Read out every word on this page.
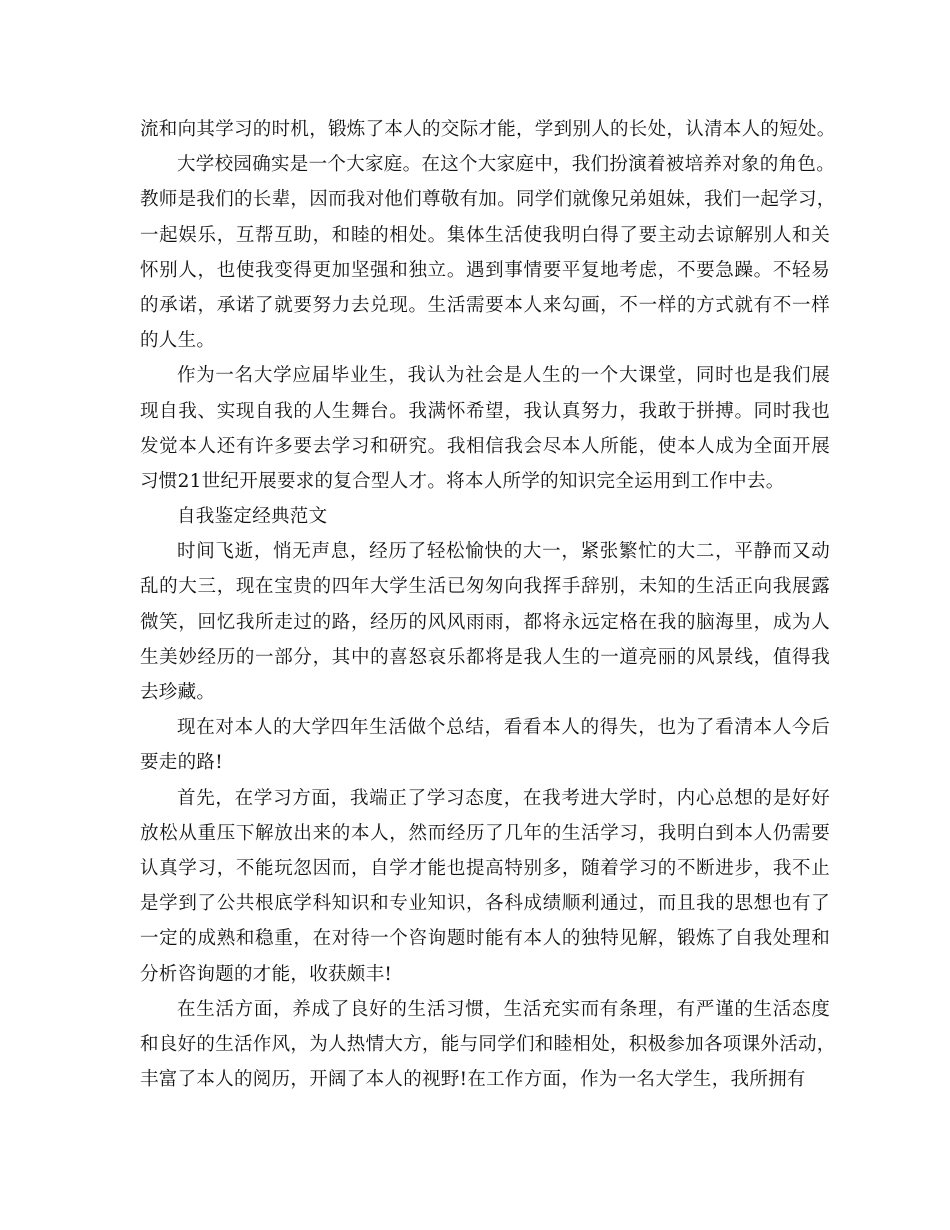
流和向其学习的时机，锻炼了本人的交际才能，学到别人的长处，认清本人的短处。
大学校园确实是一个大家庭。在这个大家庭中，我们扮演着被培养对象的角色。
教师是我们的长辈，因而我对他们尊敬有加。同学们就像兄弟姐妹，我们一起学习，
一起娱乐，互帮互助，和睦的相处。集体生活使我明白得了要主动去谅解别人和关
怀别人，也使我变得更加坚强和独立。遇到事情要平复地考虑，不要急躁。不轻易
的承诺，承诺了就要努力去兑现。生活需要本人来勾画，不一样的方式就有不一样
的人生。
作为一名大学应届毕业生，我认为社会是人生的一个大课堂，同时也是我们展
现自我、实现自我的人生舞台。我满怀希望，我认真努力，我敢于拼搏。同时我也
发觉本人还有许多要去学习和研究。我相信我会尽本人所能，使本人成为全面开展
习惯21世纪开展要求的复合型人才。将本人所学的知识完全运用到工作中去。
自我鉴定经典范文
时间飞逝，悄无声息，经历了轻松愉快的大一，紧张繁忙的大二，平静而又动
乱的大三，现在宝贵的四年大学生活已匆匆向我挥手辞别，未知的生活正向我展露
微笑，回忆我所走过的路，经历的风风雨雨，都将永远定格在我的脑海里，成为人
生美妙经历的一部分，其中的喜怒哀乐都将是我人生的一道亮丽的风景线，值得我
去珍藏。
现在对本人的大学四年生活做个总结，看看本人的得失，也为了看清本人今后
要走的路!
首先，在学习方面，我端正了学习态度，在我考进大学时，内心总想的是好好
放松从重压下解放出来的本人，然而经历了几年的生活学习，我明白到本人仍需要
认真学习，不能玩忽因而，自学才能也提高特别多，随着学习的不断进步，我不止
是学到了公共根底学科知识和专业知识，各科成绩顺利通过，而且我的思想也有了
一定的成熟和稳重，在对待一个咨询题时能有本人的独特见解，锻炼了自我处理和
分析咨询题的才能，收获颇丰!
在生活方面，养成了良好的生活习惯，生活充实而有条理，有严谨的生活态度
和良好的生活作风，为人热情大方，能与同学们和睦相处，积极参加各项课外活动，
丰富了本人的阅历，开阔了本人的视野!在工作方面，作为一名大学生，我所拥有
